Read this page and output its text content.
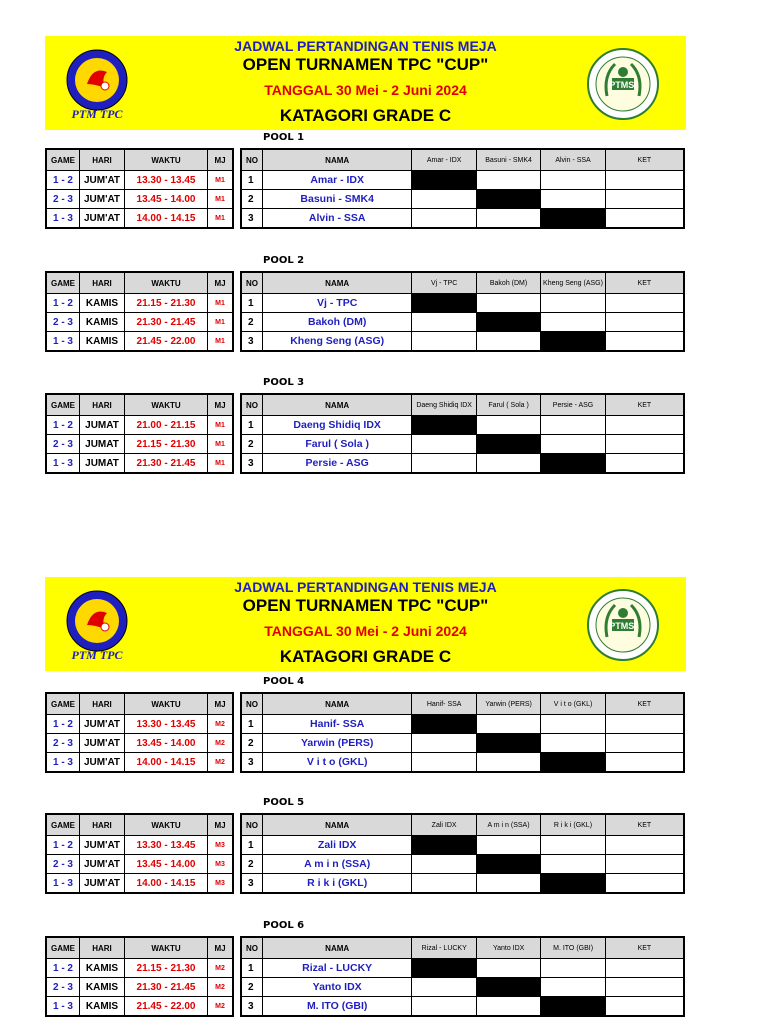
PTM TPC
JADWAL PERTANDINGAN TENIS MEJA
OPEN TURNAMEN TPC "CUP"
TANGGAL 30 Mei - 2 Juni 2024
KATAGORI GRADE C
PTMSI
PTM TPC
JADWAL PERTANDINGAN TENIS MEJA
OPEN TURNAMEN TPC "CUP"
TANGGAL 30 Mei - 2 Juni 2024
KATAGORI GRADE C
PTMSI
POOL 1
GAME	HARI	WAKTU	MJ
1 - 2	JUM'AT	13.30 - 13.45	M1
2 - 3	JUM'AT	13.45 - 14.00	M1
1 - 3	JUM'AT	14.00 - 14.15	M1
NO	NAMA	Amar - IDX	Basuni - SMK4	Alvin - SSA	KET
1	Amar - IDX				
2	Basuni - SMK4				
3	Alvin - SSA				
POOL 2
GAME	HARI	WAKTU	MJ
1 - 2	KAMIS	21.15 - 21.30	M1
2 - 3	KAMIS	21.30 - 21.45	M1
1 - 3	KAMIS	21.45 - 22.00	M1
NO	NAMA	Vj - TPC	Bakoh (DM)	Kheng Seng (ASG)	KET
1	Vj - TPC				
2	Bakoh (DM)				
3	Kheng Seng (ASG)				
POOL 3
GAME	HARI	WAKTU	MJ
1 - 2	JUMAT	21.00 - 21.15	M1
2 - 3	JUMAT	21.15 - 21.30	M1
1 - 3	JUMAT	21.30 - 21.45	M1
NO	NAMA	Daeng Shidiq IDX	Farul ( Sola )	Persie - ASG	KET
1	Daeng Shidiq IDX				
2	Farul ( Sola )				
3	Persie - ASG				
POOL 4
GAME	HARI	WAKTU	MJ
1 - 2	JUM'AT	13.30 - 13.45	M2
2 - 3	JUM'AT	13.45 - 14.00	M2
1 - 3	JUM'AT	14.00 - 14.15	M2
NO	NAMA	Hanif- SSA	Yarwin (PERS)	V i t o (GKL)	KET
1	Hanif- SSA				
2	Yarwin (PERS)				
3	V i t o (GKL)				
POOL 5
GAME	HARI	WAKTU	MJ
1 - 2	JUM'AT	13.30 - 13.45	M3
2 - 3	JUM'AT	13.45 - 14.00	M3
1 - 3	JUM'AT	14.00 - 14.15	M3
NO	NAMA	Zali IDX	A m i n (SSA)	R i k i (GKL)	KET
1	Zali IDX				
2	A m i n (SSA)				
3	R i k i (GKL)				
POOL 6
GAME	HARI	WAKTU	MJ
1 - 2	KAMIS	21.15 - 21.30	M2
2 - 3	KAMIS	21.30 - 21.45	M2
1 - 3	KAMIS	21.45 - 22.00	M2
NO	NAMA	Rizal - LUCKY	Yanto IDX	M. ITO (GBI)	KET
1	Rizal - LUCKY				
2	Yanto IDX				
3	M. ITO (GBI)				
